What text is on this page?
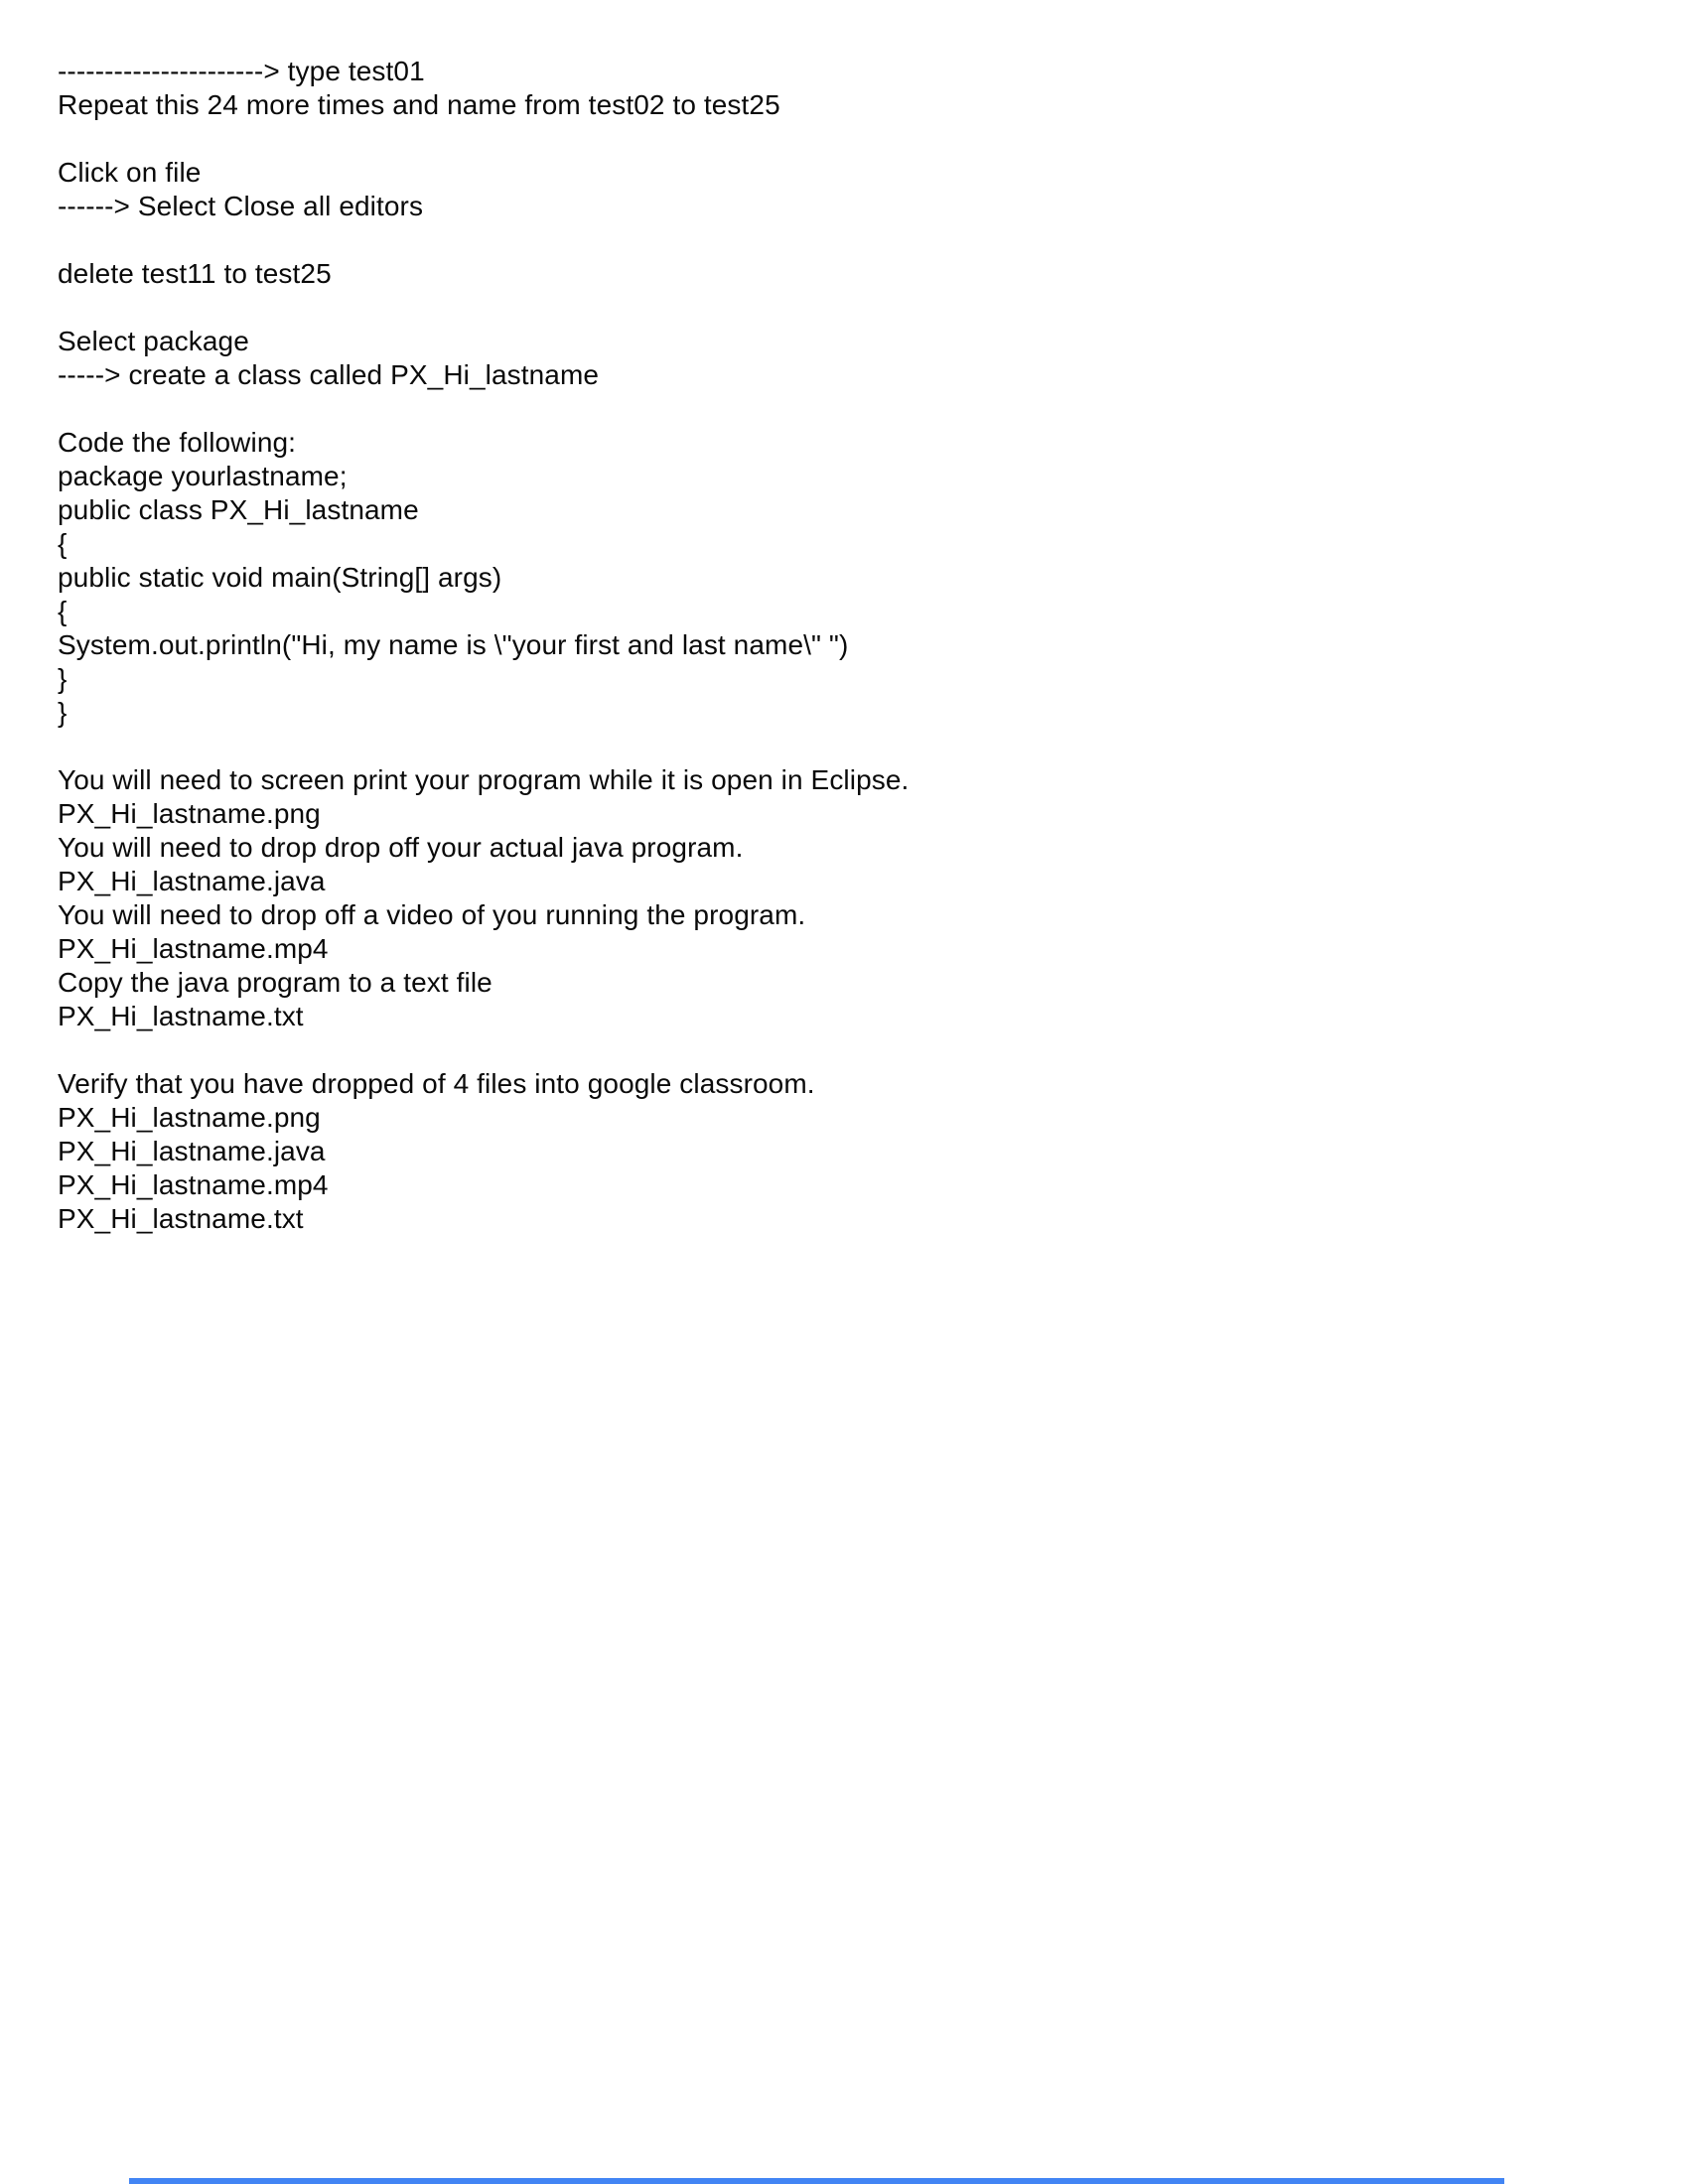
----------------------> type test01
Repeat this 24 more times and name from test02 to test25
Click on file
------> Select Close all editors
delete test11 to test25
Select package
-----> create a class called PX_Hi_lastname
Code the following:
package yourlastname;
public class PX_Hi_lastname
{
public static void main(String[] args)
{
System.out.println("Hi, my name is \"your first and last name\" ")
}
}
You will need to screen print your program while it is open in Eclipse.
PX_Hi_lastname.png
You will need to drop drop off your actual java program.
PX_Hi_lastname.java
You will need to drop off a video of you running the program.
PX_Hi_lastname.mp4
Copy the java program to a text file
PX_Hi_lastname.txt
Verify that you have dropped of 4 files into google classroom.
PX_Hi_lastname.png
PX_Hi_lastname.java
PX_Hi_lastname.mp4
PX_Hi_lastname.txt
